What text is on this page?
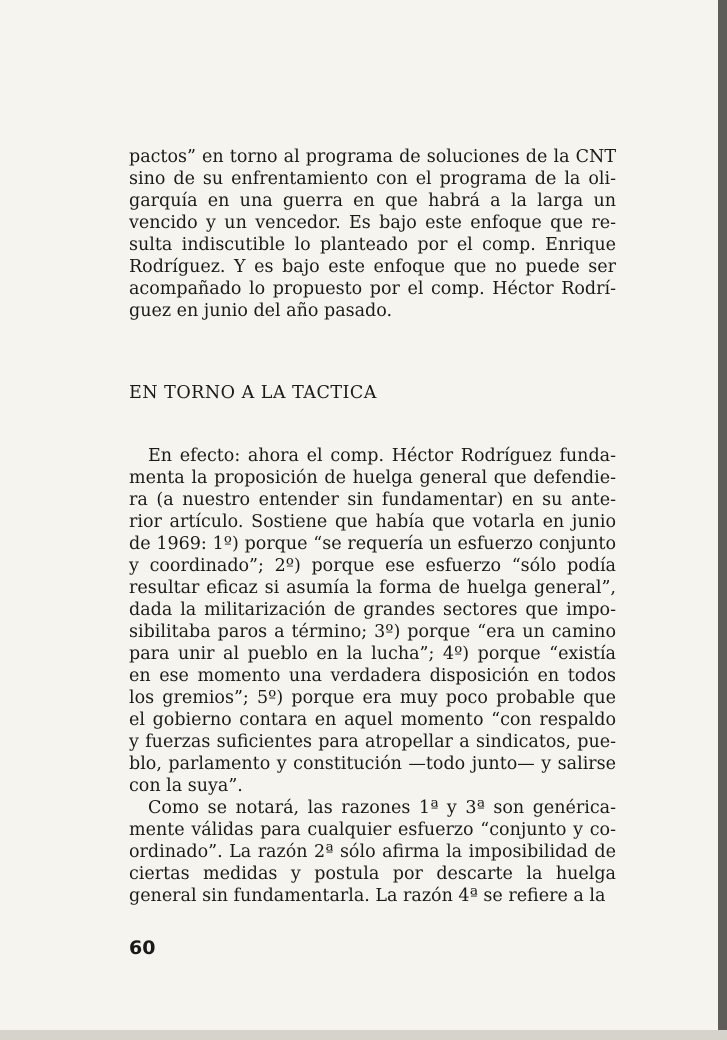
pactos” en torno al programa de soluciones de la CNT sino de su enfrentamiento con el programa de la oligarquía en una guerra en que habrá a la larga un vencido y un vencedor. Es bajo este enfoque que resulta indiscutible lo planteado por el comp. Enrique Rodríguez. Y es bajo este enfoque que no puede ser acompañado lo propuesto por el comp. Héctor Rodríguez en junio del año pasado.

EN TORNO A LA TACTICA

En efecto: ahora el comp. Héctor Rodríguez fundamenta la proposición de huelga general que defendiera (a nuestro entender sin fundamentar) en su anterior artículo. Sostiene que había que votarla en junio de 1969: 1º) porque “se requería un esfuerzo conjunto y coordinado”; 2º) porque ese esfuerzo “sólo podía resultar eficaz si asumía la forma de huelga general”, dada la militarización de grandes sectores que imposibilitaba paros a término; 3º) porque “era un camino para unir al pueblo en la lucha”; 4º) porque “existía en ese momento una verdadera disposición en todos los gremios”; 5º) porque era muy poco probable que el gobierno contara en aquel momento “con respaldo y fuerzas suficientes para atropellar a sindicatos, pueblo, parlamento y constitución —todo junto— y salirse con la suya”.

Como se notará, las razones 1ª y 3ª son genéricamente válidas para cualquier esfuerzo “conjunto y coordinado”. La razón 2ª sólo afirma la imposibilidad de ciertas medidas y postula por descarte la huelga general sin fundamentarla. La razón 4ª se refiere a la

60
